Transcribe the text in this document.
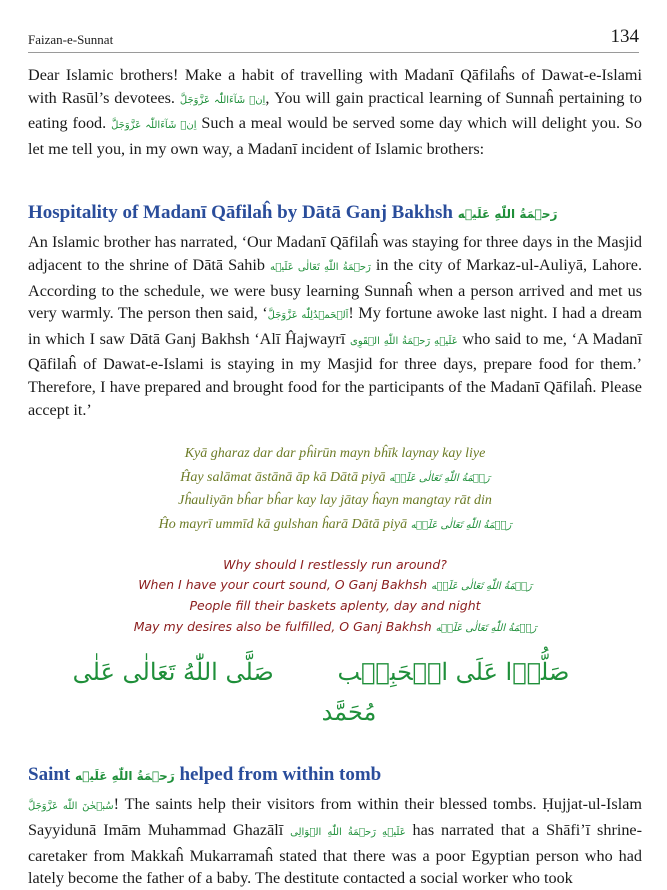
Faizan-e-Sunnat	134

Dear Islamic brothers! Make a habit of travelling with Madanī Qāfilaĥs of Dawat-e-Islami with Rasūl’s devotees. اِنۡ شَآءَاللّٰہ عَزَّوَجَلَّ, You will gain practical learning of Sunnaĥ pertaining to eating food. اِنۡ شَآءَاللّٰہ عَزَّوَجَلَّ Such a meal would be served some day which will delight you. So let me tell you, in my own way, a Madanī incident of Islamic brothers:

Hospitality of Madanī Qāfilaĥ by Dātā Ganj Bakhsh رَحۡمَةُ اللّٰهِ عَلَيۡه

An Islamic brother has narrated, ‘Our Madanī Qāfilaĥ was staying for three days in the Masjid adjacent to the shrine of Dātā Sahib رَحۡمَةُ اللّٰهِ تَعَالٰی عَلَيۡه in the city of Markaz-ul-Auliyā, Lahore. According to the schedule, we were busy learning Sunnaĥ when a person arrived and met us very warmly. The person then said, ‘اَلۡحَمۡدُلِلّٰه عَزَّوَجَلَّ! My fortune awoke last night. I had a dream in which I saw Dātā Ganj Bakhsh ‘Alī Ĥajwayrī عَلَيۡهِ رَحۡمَةُ اللّٰهِ الۡقَوِی who said to me, ‘A Madanī Qāfilaĥ of Dawat-e-Islami is staying in my Masjid for three days, prepare food for them.’ Therefore, I have prepared and brought food for the participants of the Madanī Qāfilaĥ. Please accept it.’

Kyā gharaz dar dar pĥirūn mayn bĥīk laynay kay liye
Ĥay salāmat āstānā āp kā Dātā piyā رَحۡمَةُ اللّٰهِ تَعَالٰی عَلَيۡه
Jĥauliyān bĥar bĥar kay lay jātay ĥayn mangtay rāt din
Ĥo mayrī ummīd kā gulshan ĥarā Dātā piyā رَحۡمَةُ اللّٰهِ تَعَالٰی عَلَيۡه
Why should I restlessly run around?
When I have your court sound, O Ganj Bakhsh رَحۡمَةُ اللّٰهِ تَعَالٰی عَلَيۡه
People fill their baskets aplenty, day and night
May my desires also be fulfilled, O Ganj Bakhsh رَحۡمَةُ اللّٰهِ تَعَالٰی عَلَيۡه
صَلُّوۡا عَلَی الۡحَبِيۡب صَلَّی اللّٰهُ تَعَالٰی عَلٰی مُحَمَّد
Saint رَحۡمَةُ اللّٰهِ عَلَيۡه helped from within tomb

سُبۡحٰنَ اللّٰه عَزَّوَجَلَّ! The saints help their visitors from within their blessed tombs. Ḥujjat-ul-Islam Sayyidunā Imām Muhammad Ghazālī عَلَيۡهِ رَحۡمَةُ اللّٰهِ الۡوَالِی has narrated that a Shāfi’ī shrine-caretaker from Makkaĥ Mukarramaĥ stated that there was a poor Egyptian person who had lately become the father of a baby. The destitute contacted a social worker who took
